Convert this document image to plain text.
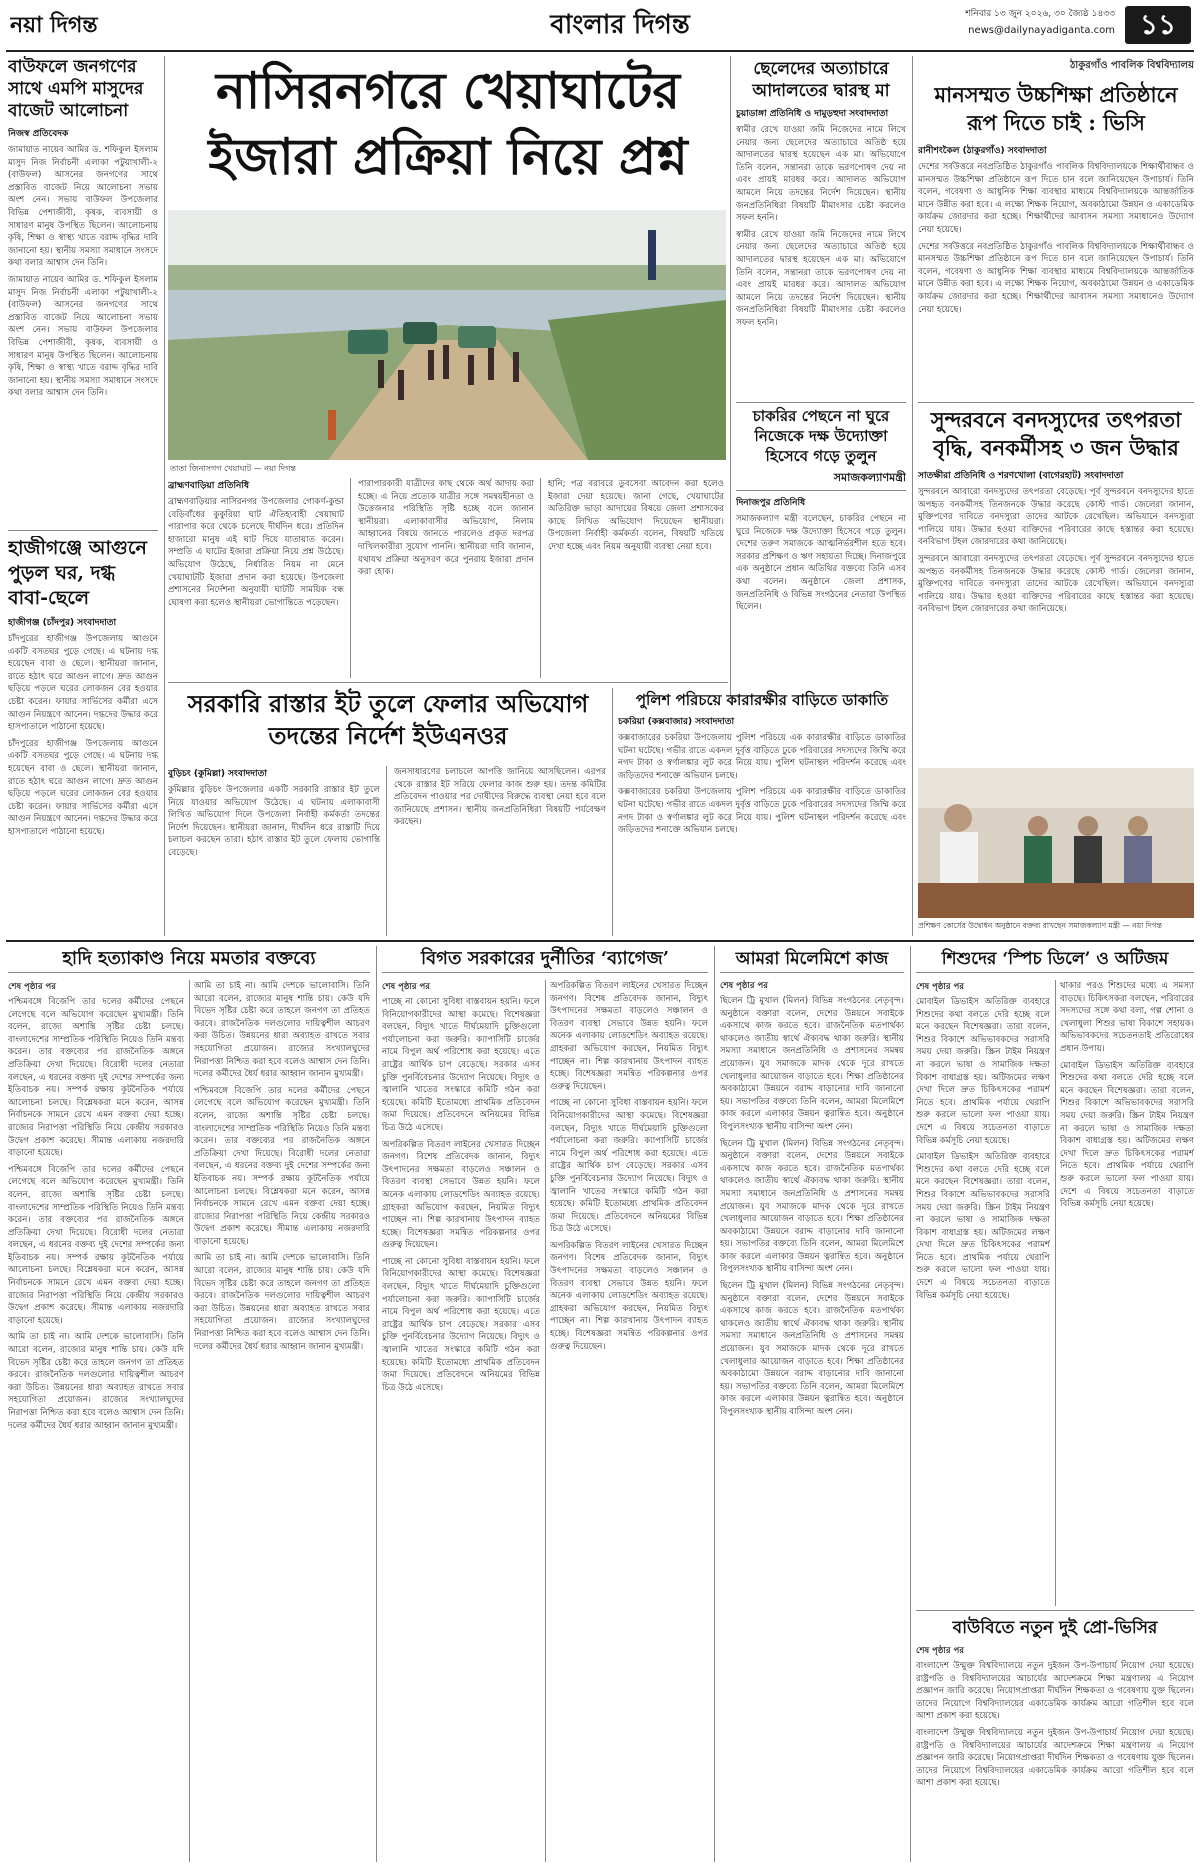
নয়া দিগন্ত	বাংলার দিগন্ত	শনিবার ১৩ জুন ২০২৬, ৩০ জ্যৈষ্ঠ ১৪৩৩
news@dailynayadiganta.com ১১
বাউফলে জনগণের সাথে এমপি মাসুদের বাজেট আলোচনা
নিজস্ব প্রতিবেদক
জামায়াত নায়েব আমির ড. শফিকুল ইসলাম মাসুদ নিজ নির্বাচনী এলাকা পটুয়াখালী-২ (বাউফল) আসনের জনগণের সাথে প্রস্তাবিত বাজেট নিয়ে আলোচনা সভায় অংশ নেন। সভায় বাউফল উপজেলার বিভিন্ন পেশাজীবী, কৃষক, ব্যবসায়ী ও সাধারণ মানুষ উপস্থিত ছিলেন। আলোচনায় কৃষি, শিক্ষা ও স্বাস্থ্য খাতে বরাদ্দ বৃদ্ধির দাবি জানানো হয়। স্থানীয় সমস্যা সমাধানে সংসদে কথা বলার আশ্বাস দেন তিনি।
জামায়াত নায়েব আমির ড. শফিকুল ইসলাম মাসুদ নিজ নির্বাচনী এলাকা পটুয়াখালী-২ (বাউফল) আসনের জনগণের সাথে প্রস্তাবিত বাজেট নিয়ে আলোচনা সভায় অংশ নেন। সভায় বাউফল উপজেলার বিভিন্ন পেশাজীবী, কৃষক, ব্যবসায়ী ও সাধারণ মানুষ উপস্থিত ছিলেন। আলোচনায় কৃষি, শিক্ষা ও স্বাস্থ্য খাতে বরাদ্দ বৃদ্ধির দাবি জানানো হয়। স্থানীয় সমস্যা সমাধানে সংসদে কথা বলার আশ্বাস দেন তিনি।
হাজীগঞ্জে আগুনে পুড়ল ঘর, দগ্ধ বাবা-ছেলে
হাজীগঞ্জ (চাঁদপুর) সংবাদদাতা
চাঁদপুরের হাজীগঞ্জ উপজেলায় আগুনে একটি বসতঘর পুড়ে গেছে। এ ঘটনায় দগ্ধ হয়েছেন বাবা ও ছেলে। স্থানীয়রা জানান, রাতে হঠাৎ ঘরে আগুন লাগে। দ্রুত আগুন ছড়িয়ে পড়লে ঘরের লোকজন বের হওয়ার চেষ্টা করেন। ফায়ার সার্ভিসের কর্মীরা এসে আগুন নিয়ন্ত্রণে আনেন। দগ্ধদের উদ্ধার করে হাসপাতালে পাঠানো হয়েছে।
চাঁদপুরের হাজীগঞ্জ উপজেলায় আগুনে একটি বসতঘর পুড়ে গেছে। এ ঘটনায় দগ্ধ হয়েছেন বাবা ও ছেলে। স্থানীয়রা জানান, রাতে হঠাৎ ঘরে আগুন লাগে। দ্রুত আগুন ছড়িয়ে পড়লে ঘরের লোকজন বের হওয়ার চেষ্টা করেন। ফায়ার সার্ভিসের কর্মীরা এসে আগুন নিয়ন্ত্রণে আনেন। দগ্ধদের উদ্ধার করে হাসপাতালে পাঠানো হয়েছে।
নাসিরনগরে খেয়াঘাটের
ইজারা প্রক্রিয়া নিয়ে প্রশ্ন
তাতা জিনাসগগ খেয়াঘাট — নয়া দিগন্ত
ব্রাহ্মণবাড়িয়া প্রতিনিধি
ব্রাহ্মণবাড়িয়ার নাসিরনগর উপজেলার গোকর্ণ-কুন্ডা বেড়িবাঁধের কুকুরিয়া ঘাট ঐতিহ্যবাহী খেয়াঘাট পারাপার করে থেকে চলেছে দীর্ঘদিন ধরে। প্রতিদিন হাজারো মানুষ এই ঘাট দিয়ে যাতায়াত করেন। সম্প্রতি এ ঘাটের ইজারা প্রক্রিয়া নিয়ে প্রশ্ন উঠেছে। অভিযোগ উঠেছে, নির্ধারিত নিয়ম না মেনে খেয়াঘাটটি ইজারা প্রদান করা হয়েছে। উপজেলা প্রশাসনের নির্দেশনা অনুযায়ী ঘাটটি সাময়িক বন্ধ ঘোষণা করা হলেও স্থানীয়রা ভোগান্তিতে পড়েছেন।
পারাপারকারী যাত্রীদের কাছ থেকে অর্থ আদায় করা হচ্ছে। এ নিয়ে প্রত্যেক যাত্রীর সঙ্গে সমন্বয়হীনতা ও উত্তেজনার পরিস্থিতি সৃষ্টি হচ্ছে বলে জানান স্থানীয়রা। এলাকাবাসীর অভিযোগ, নিলাম আহ্বানের বিষয়ে জানতে পারলেও প্রকৃত দরপত্র দাখিলকারীরা সুযোগ পাননি। স্থানীয়রা দাবি জানান, যথাযথ প্রক্রিয়া অনুসরণ করে পুনরায় ইজারা প্রদান করা হোক।
হানি; পত্র বরাবরে ডুবসেবা আবেদন করা হলেও ইজারা দেয়া হয়েছে। জানা গেছে, খেয়াঘাটের অতিরিক্ত ভাড়া আদায়ের বিষয়ে জেলা প্রশাসকের কাছে লিখিত অভিযোগ দিয়েছেন স্থানীয়রা। উপজেলা নির্বাহী কর্মকর্তা বলেন, বিষয়টি খতিয়ে দেখা হচ্ছে এবং নিয়ম অনুযায়ী ব্যবস্থা নেয়া হবে।
ছেলেদের অত্যাচারে আদালতের দ্বারস্থ মা
চুয়াডাঙ্গা প্রতিনিধি ও দামুড়হুদা সংবাদদাতা
স্বামীর রেখে যাওয়া জমি নিজেদের নামে লিখে নেয়ার জন্য ছেলেদের অত্যাচারে অতিষ্ঠ হয়ে আদালতের দ্বারস্থ হয়েছেন এক মা। অভিযোগে তিনি বলেন, সন্তানরা তাকে ভরণপোষণ দেয় না এবং প্রায়ই মারধর করে। আদালত অভিযোগ আমলে নিয়ে তদন্তের নির্দেশ দিয়েছেন। স্থানীয় জনপ্রতিনিধিরা বিষয়টি মীমাংসার চেষ্টা করলেও সফল হননি।
স্বামীর রেখে যাওয়া জমি নিজেদের নামে লিখে নেয়ার জন্য ছেলেদের অত্যাচারে অতিষ্ঠ হয়ে আদালতের দ্বারস্থ হয়েছেন এক মা। অভিযোগে তিনি বলেন, সন্তানরা তাকে ভরণপোষণ দেয় না এবং প্রায়ই মারধর করে। আদালত অভিযোগ আমলে নিয়ে তদন্তের নির্দেশ দিয়েছেন। স্থানীয় জনপ্রতিনিধিরা বিষয়টি মীমাংসার চেষ্টা করলেও সফল হননি।
চাকরির পেছনে না ঘুরে নিজেকে দক্ষ উদ্যোক্তা হিসেবে গড়ে তুলুন
সমাজকল্যাণমন্ত্রী
দিনাজপুর প্রতিনিধি
সমাজকল্যাণ মন্ত্রী বলেছেন, চাকরির পেছনে না ঘুরে নিজেকে দক্ষ উদ্যোক্তা হিসেবে গড়ে তুলুন। দেশের তরুণ সমাজকে আত্মনির্ভরশীল হতে হবে। সরকার প্রশিক্ষণ ও ঋণ সহায়তা দিচ্ছে। দিনাজপুরে এক অনুষ্ঠানে প্রধান অতিথির বক্তব্যে তিনি এসব কথা বলেন। অনুষ্ঠানে জেলা প্রশাসক, জনপ্রতিনিধি ও বিভিন্ন সংগঠনের নেতারা উপস্থিত ছিলেন।
ঠাকুরগাঁও পাবলিক বিশ্ববিদ্যালয়
মানসম্মত উচ্চশিক্ষা প্রতিষ্ঠানে রূপ দিতে চাই : ভিসি
রানীশংকৈল (ঠাকুরগাঁও) সংবাদদাতা
দেশের সর্বউত্তরে নবপ্রতিষ্ঠিত ঠাকুরগাঁও পাবলিক বিশ্ববিদ্যালয়কে শিক্ষার্থীবান্ধব ও মানসম্মত উচ্চশিক্ষা প্রতিষ্ঠানে রূপ দিতে চান বলে জানিয়েছেন উপাচার্য। তিনি বলেন, গবেষণা ও আধুনিক শিক্ষা ব্যবস্থার মাধ্যমে বিশ্ববিদ্যালয়কে আন্তর্জাতিক মানে উন্নীত করা হবে। এ লক্ষ্যে শিক্ষক নিয়োগ, অবকাঠামো উন্নয়ন ও একাডেমিক কার্যক্রম জোরদার করা হচ্ছে। শিক্ষার্থীদের আবাসন সমস্যা সমাধানেও উদ্যোগ নেয়া হয়েছে।
দেশের সর্বউত্তরে নবপ্রতিষ্ঠিত ঠাকুরগাঁও পাবলিক বিশ্ববিদ্যালয়কে শিক্ষার্থীবান্ধব ও মানসম্মত উচ্চশিক্ষা প্রতিষ্ঠানে রূপ দিতে চান বলে জানিয়েছেন উপাচার্য। তিনি বলেন, গবেষণা ও আধুনিক শিক্ষা ব্যবস্থার মাধ্যমে বিশ্ববিদ্যালয়কে আন্তর্জাতিক মানে উন্নীত করা হবে। এ লক্ষ্যে শিক্ষক নিয়োগ, অবকাঠামো উন্নয়ন ও একাডেমিক কার্যক্রম জোরদার করা হচ্ছে। শিক্ষার্থীদের আবাসন সমস্যা সমাধানেও উদ্যোগ নেয়া হয়েছে।
সুন্দরবনে বনদস্যুদের তৎপরতা বৃদ্ধি, বনকর্মীসহ ৩ জন উদ্ধার
সাতক্ষীরা প্রতিনিধি ও শরণখোলা (বাগেরহাট) সংবাদদাতা
সুন্দরবনে আবারো বনদস্যুদের তৎপরতা বেড়েছে। পূর্ব সুন্দরবনে বনদস্যুদের হাতে অপহৃত বনকর্মীসহ তিনজনকে উদ্ধার করেছে কোস্ট গার্ড। জেলেরা জানান, মুক্তিপণের দাবিতে বনদস্যুরা তাদের আটকে রেখেছিল। অভিযানে বনদস্যুরা পালিয়ে যায়। উদ্ধার হওয়া ব্যক্তিদের পরিবারের কাছে হস্তান্তর করা হয়েছে। বনবিভাগ টহল জোরদারের কথা জানিয়েছে।
সুন্দরবনে আবারো বনদস্যুদের তৎপরতা বেড়েছে। পূর্ব সুন্দরবনে বনদস্যুদের হাতে অপহৃত বনকর্মীসহ তিনজনকে উদ্ধার করেছে কোস্ট গার্ড। জেলেরা জানান, মুক্তিপণের দাবিতে বনদস্যুরা তাদের আটকে রেখেছিল। অভিযানে বনদস্যুরা পালিয়ে যায়। উদ্ধার হওয়া ব্যক্তিদের পরিবারের কাছে হস্তান্তর করা হয়েছে। বনবিভাগ টহল জোরদারের কথা জানিয়েছে।
প্রশিক্ষণ কোর্সের উদ্বোধন অনুষ্ঠানে বক্তব্য রাখছেন সমাজকল্যাণ মন্ত্রী — নয়া দিগন্ত
সরকারি রাস্তার ইট তুলে ফেলার অভিযোগ তদন্তের নির্দেশ ইউএনওর
বুড়িচং (কুমিল্লা) সংবাদদাতা
কুমিল্লার বুড়িচং উপজেলার একটি সরকারি রাস্তার ইট তুলে নিয়ে যাওয়ার অভিযোগ উঠেছে। এ ঘটনায় এলাকাবাসী লিখিত অভিযোগ দিলে উপজেলা নির্বাহী কর্মকর্তা তদন্তের নির্দেশ দিয়েছেন। স্থানীয়রা জানান, দীর্ঘদিন ধরে রাস্তাটি দিয়ে চলাচল করছেন তারা। হঠাৎ রাস্তার ইট তুলে ফেলায় ভোগান্তি বেড়েছে।
জনসাধারণের চলাচলে আপত্তি জানিয়ে আসছিলেন। এরপর থেকে রাস্তার ইট সরিয়ে ফেলার কাজ শুরু হয়। তদন্ত কমিটির প্রতিবেদন পাওয়ার পর দোষীদের বিরুদ্ধে ব্যবস্থা নেয়া হবে বলে জানিয়েছে প্রশাসন। স্থানীয় জনপ্রতিনিধিরা বিষয়টি পর্যবেক্ষণ করছেন।
পুলিশ পরিচয়ে কারারক্ষীর বাড়িতে ডাকাতি
চকরিয়া (কক্সবাজার) সংবাদদাতা
কক্সবাজারের চকরিয়া উপজেলায় পুলিশ পরিচয়ে এক কারারক্ষীর বাড়িতে ডাকাতির ঘটনা ঘটেছে। গভীর রাতে একদল দুর্বৃত্ত বাড়িতে ঢুকে পরিবারের সদস্যদের জিম্মি করে নগদ টাকা ও স্বর্ণালঙ্কার লুট করে নিয়ে যায়। পুলিশ ঘটনাস্থল পরিদর্শন করেছে এবং জড়িতদের শনাক্তে অভিযান চলছে।
কক্সবাজারের চকরিয়া উপজেলায় পুলিশ পরিচয়ে এক কারারক্ষীর বাড়িতে ডাকাতির ঘটনা ঘটেছে। গভীর রাতে একদল দুর্বৃত্ত বাড়িতে ঢুকে পরিবারের সদস্যদের জিম্মি করে নগদ টাকা ও স্বর্ণালঙ্কার লুট করে নিয়ে যায়। পুলিশ ঘটনাস্থল পরিদর্শন করেছে এবং জড়িতদের শনাক্তে অভিযান চলছে।
হাদি হত্যাকাণ্ড নিয়ে মমতার বক্তব্যে
শেষ পৃষ্ঠার পর
পশ্চিমবঙ্গে বিজেপি তার দলের কর্মীদের পেছনে লেগেছে বলে অভিযোগ করেছেন মুখ্যমন্ত্রী। তিনি বলেন, রাজ্যে অশান্তি সৃষ্টির চেষ্টা চলছে। বাংলাদেশের সাম্প্রতিক পরিস্থিতি নিয়েও তিনি মন্তব্য করেন। তার বক্তব্যের পর রাজনৈতিক অঙ্গনে প্রতিক্রিয়া দেখা দিয়েছে। বিরোধী দলের নেতারা বলছেন, এ ধরনের বক্তব্য দুই দেশের সম্পর্কের জন্য ইতিবাচক নয়। সম্পর্ক রক্ষায় কূটনৈতিক পর্যায়ে আলোচনা চলছে। বিশ্লেষকরা মনে করেন, আসন্ন নির্বাচনকে সামনে রেখে এমন বক্তব্য দেয়া হচ্ছে। রাজ্যের নিরাপত্তা পরিস্থিতি নিয়ে কেন্দ্রীয় সরকারও উদ্বেগ প্রকাশ করেছে। সীমান্ত এলাকায় নজরদারি বাড়ানো হয়েছে।
পশ্চিমবঙ্গে বিজেপি তার দলের কর্মীদের পেছনে লেগেছে বলে অভিযোগ করেছেন মুখ্যমন্ত্রী। তিনি বলেন, রাজ্যে অশান্তি সৃষ্টির চেষ্টা চলছে। বাংলাদেশের সাম্প্রতিক পরিস্থিতি নিয়েও তিনি মন্তব্য করেন। তার বক্তব্যের পর রাজনৈতিক অঙ্গনে প্রতিক্রিয়া দেখা দিয়েছে। বিরোধী দলের নেতারা বলছেন, এ ধরনের বক্তব্য দুই দেশের সম্পর্কের জন্য ইতিবাচক নয়। সম্পর্ক রক্ষায় কূটনৈতিক পর্যায়ে আলোচনা চলছে। বিশ্লেষকরা মনে করেন, আসন্ন নির্বাচনকে সামনে রেখে এমন বক্তব্য দেয়া হচ্ছে। রাজ্যের নিরাপত্তা পরিস্থিতি নিয়ে কেন্দ্রীয় সরকারও উদ্বেগ প্রকাশ করেছে। সীমান্ত এলাকায় নজরদারি বাড়ানো হয়েছে।
আমি তা চাই না। আমি দেশকে ভালোবাসি। তিনি আরো বলেন, রাজ্যের মানুষ শান্তি চায়। কেউ যদি বিভেদ সৃষ্টির চেষ্টা করে তাহলে জনগণ তা প্রতিহত করবে। রাজনৈতিক দলগুলোর দায়িত্বশীল আচরণ করা উচিত। উন্নয়নের ধারা অব্যাহত রাখতে সবার সহযোগিতা প্রয়োজন। রাজ্যের সংখ্যালঘুদের নিরাপত্তা নিশ্চিত করা হবে বলেও আশ্বাস দেন তিনি। দলের কর্মীদের ধৈর্য ধরার আহ্বান জানান মুখ্যমন্ত্রী।
আমি তা চাই না। আমি দেশকে ভালোবাসি। তিনি আরো বলেন, রাজ্যের মানুষ শান্তি চায়। কেউ যদি বিভেদ সৃষ্টির চেষ্টা করে তাহলে জনগণ তা প্রতিহত করবে। রাজনৈতিক দলগুলোর দায়িত্বশীল আচরণ করা উচিত। উন্নয়নের ধারা অব্যাহত রাখতে সবার সহযোগিতা প্রয়োজন। রাজ্যের সংখ্যালঘুদের নিরাপত্তা নিশ্চিত করা হবে বলেও আশ্বাস দেন তিনি। দলের কর্মীদের ধৈর্য ধরার আহ্বান জানান মুখ্যমন্ত্রী।
পশ্চিমবঙ্গে বিজেপি তার দলের কর্মীদের পেছনে লেগেছে বলে অভিযোগ করেছেন মুখ্যমন্ত্রী। তিনি বলেন, রাজ্যে অশান্তি সৃষ্টির চেষ্টা চলছে। বাংলাদেশের সাম্প্রতিক পরিস্থিতি নিয়েও তিনি মন্তব্য করেন। তার বক্তব্যের পর রাজনৈতিক অঙ্গনে প্রতিক্রিয়া দেখা দিয়েছে। বিরোধী দলের নেতারা বলছেন, এ ধরনের বক্তব্য দুই দেশের সম্পর্কের জন্য ইতিবাচক নয়। সম্পর্ক রক্ষায় কূটনৈতিক পর্যায়ে আলোচনা চলছে। বিশ্লেষকরা মনে করেন, আসন্ন নির্বাচনকে সামনে রেখে এমন বক্তব্য দেয়া হচ্ছে। রাজ্যের নিরাপত্তা পরিস্থিতি নিয়ে কেন্দ্রীয় সরকারও উদ্বেগ প্রকাশ করেছে। সীমান্ত এলাকায় নজরদারি বাড়ানো হয়েছে।
আমি তা চাই না। আমি দেশকে ভালোবাসি। তিনি আরো বলেন, রাজ্যের মানুষ শান্তি চায়। কেউ যদি বিভেদ সৃষ্টির চেষ্টা করে তাহলে জনগণ তা প্রতিহত করবে। রাজনৈতিক দলগুলোর দায়িত্বশীল আচরণ করা উচিত। উন্নয়নের ধারা অব্যাহত রাখতে সবার সহযোগিতা প্রয়োজন। রাজ্যের সংখ্যালঘুদের নিরাপত্তা নিশ্চিত করা হবে বলেও আশ্বাস দেন তিনি। দলের কর্মীদের ধৈর্য ধরার আহ্বান জানান মুখ্যমন্ত্রী।
বিগত সরকারের দুর্নীতির ‘ব্যাগেজ’
শেষ পৃষ্ঠার পর
পাচ্ছে না কোনো সুবিধা বাস্তবায়ন হয়নি। ফলে বিনিয়োগকারীদের আস্থা কমেছে। বিশেষজ্ঞরা বলছেন, বিদ্যুৎ খাতে দীর্ঘমেয়াদি চুক্তিগুলো পর্যালোচনা করা জরুরি। ক্যাপাসিটি চার্জের নামে বিপুল অর্থ পরিশোধ করা হয়েছে। এতে রাষ্ট্রের আর্থিক চাপ বেড়েছে। সরকার এসব চুক্তি পুনর্বিবেচনার উদ্যোগ নিয়েছে। বিদ্যুৎ ও জ্বালানি খাতের সংস্কারে কমিটি গঠন করা হয়েছে। কমিটি ইতোমধ্যে প্রাথমিক প্রতিবেদন জমা দিয়েছে। প্রতিবেদনে অনিয়মের বিভিন্ন চিত্র উঠে এসেছে।
অপরিকল্পিত বিতরণ লাইনের খেসারত দিচ্ছেন জনগণ। বিশেষ প্রতিবেদক জানান, বিদ্যুৎ উৎপাদনের সক্ষমতা বাড়লেও সঞ্চালন ও বিতরণ ব্যবস্থা সেভাবে উন্নত হয়নি। ফলে অনেক এলাকায় লোডশেডিং অব্যাহত রয়েছে। গ্রাহকরা অভিযোগ করছেন, নিয়মিত বিদ্যুৎ পাচ্ছেন না। শিল্প কারখানায় উৎপাদন ব্যাহত হচ্ছে। বিশেষজ্ঞরা সমন্বিত পরিকল্পনার ওপর গুরুত্ব দিয়েছেন।
পাচ্ছে না কোনো সুবিধা বাস্তবায়ন হয়নি। ফলে বিনিয়োগকারীদের আস্থা কমেছে। বিশেষজ্ঞরা বলছেন, বিদ্যুৎ খাতে দীর্ঘমেয়াদি চুক্তিগুলো পর্যালোচনা করা জরুরি। ক্যাপাসিটি চার্জের নামে বিপুল অর্থ পরিশোধ করা হয়েছে। এতে রাষ্ট্রের আর্থিক চাপ বেড়েছে। সরকার এসব চুক্তি পুনর্বিবেচনার উদ্যোগ নিয়েছে। বিদ্যুৎ ও জ্বালানি খাতের সংস্কারে কমিটি গঠন করা হয়েছে। কমিটি ইতোমধ্যে প্রাথমিক প্রতিবেদন জমা দিয়েছে। প্রতিবেদনে অনিয়মের বিভিন্ন চিত্র উঠে এসেছে।
অপরিকল্পিত বিতরণ লাইনের খেসারত দিচ্ছেন জনগণ। বিশেষ প্রতিবেদক জানান, বিদ্যুৎ উৎপাদনের সক্ষমতা বাড়লেও সঞ্চালন ও বিতরণ ব্যবস্থা সেভাবে উন্নত হয়নি। ফলে অনেক এলাকায় লোডশেডিং অব্যাহত রয়েছে। গ্রাহকরা অভিযোগ করছেন, নিয়মিত বিদ্যুৎ পাচ্ছেন না। শিল্প কারখানায় উৎপাদন ব্যাহত হচ্ছে। বিশেষজ্ঞরা সমন্বিত পরিকল্পনার ওপর গুরুত্ব দিয়েছেন।
পাচ্ছে না কোনো সুবিধা বাস্তবায়ন হয়নি। ফলে বিনিয়োগকারীদের আস্থা কমেছে। বিশেষজ্ঞরা বলছেন, বিদ্যুৎ খাতে দীর্ঘমেয়াদি চুক্তিগুলো পর্যালোচনা করা জরুরি। ক্যাপাসিটি চার্জের নামে বিপুল অর্থ পরিশোধ করা হয়েছে। এতে রাষ্ট্রের আর্থিক চাপ বেড়েছে। সরকার এসব চুক্তি পুনর্বিবেচনার উদ্যোগ নিয়েছে। বিদ্যুৎ ও জ্বালানি খাতের সংস্কারে কমিটি গঠন করা হয়েছে। কমিটি ইতোমধ্যে প্রাথমিক প্রতিবেদন জমা দিয়েছে। প্রতিবেদনে অনিয়মের বিভিন্ন চিত্র উঠে এসেছে।
অপরিকল্পিত বিতরণ লাইনের খেসারত দিচ্ছেন জনগণ। বিশেষ প্রতিবেদক জানান, বিদ্যুৎ উৎপাদনের সক্ষমতা বাড়লেও সঞ্চালন ও বিতরণ ব্যবস্থা সেভাবে উন্নত হয়নি। ফলে অনেক এলাকায় লোডশেডিং অব্যাহত রয়েছে। গ্রাহকরা অভিযোগ করছেন, নিয়মিত বিদ্যুৎ পাচ্ছেন না। শিল্প কারখানায় উৎপাদন ব্যাহত হচ্ছে। বিশেষজ্ঞরা সমন্বিত পরিকল্পনার ওপর গুরুত্ব দিয়েছেন।
আমরা মিলেমিশে কাজ
শেষ পৃষ্ঠার পর
ছিলেন ট্রি মুখাল (মিলন) বিভিন্ন সংগঠনের নেতৃবৃন্দ। অনুষ্ঠানে বক্তারা বলেন, দেশের উন্নয়নে সবাইকে একসাথে কাজ করতে হবে। রাজনৈতিক মতপার্থক্য থাকলেও জাতীয় স্বার্থে ঐক্যবদ্ধ থাকা জরুরি। স্থানীয় সমস্যা সমাধানে জনপ্রতিনিধি ও প্রশাসনের সমন্বয় প্রয়োজন। যুব সমাজকে মাদক থেকে দূরে রাখতে খেলাধুলার আয়োজন বাড়াতে হবে। শিক্ষা প্রতিষ্ঠানের অবকাঠামো উন্নয়নে বরাদ্দ বাড়ানোর দাবি জানানো হয়। সভাপতির বক্তব্যে তিনি বলেন, আমরা মিলেমিশে কাজ করলে এলাকার উন্নয়ন ত্বরান্বিত হবে। অনুষ্ঠানে বিপুলসংখ্যক স্থানীয় বাসিন্দা অংশ নেন।
ছিলেন ট্রি মুখাল (মিলন) বিভিন্ন সংগঠনের নেতৃবৃন্দ। অনুষ্ঠানে বক্তারা বলেন, দেশের উন্নয়নে সবাইকে একসাথে কাজ করতে হবে। রাজনৈতিক মতপার্থক্য থাকলেও জাতীয় স্বার্থে ঐক্যবদ্ধ থাকা জরুরি। স্থানীয় সমস্যা সমাধানে জনপ্রতিনিধি ও প্রশাসনের সমন্বয় প্রয়োজন। যুব সমাজকে মাদক থেকে দূরে রাখতে খেলাধুলার আয়োজন বাড়াতে হবে। শিক্ষা প্রতিষ্ঠানের অবকাঠামো উন্নয়নে বরাদ্দ বাড়ানোর দাবি জানানো হয়। সভাপতির বক্তব্যে তিনি বলেন, আমরা মিলেমিশে কাজ করলে এলাকার উন্নয়ন ত্বরান্বিত হবে। অনুষ্ঠানে বিপুলসংখ্যক স্থানীয় বাসিন্দা অংশ নেন।
ছিলেন ট্রি মুখাল (মিলন) বিভিন্ন সংগঠনের নেতৃবৃন্দ। অনুষ্ঠানে বক্তারা বলেন, দেশের উন্নয়নে সবাইকে একসাথে কাজ করতে হবে। রাজনৈতিক মতপার্থক্য থাকলেও জাতীয় স্বার্থে ঐক্যবদ্ধ থাকা জরুরি। স্থানীয় সমস্যা সমাধানে জনপ্রতিনিধি ও প্রশাসনের সমন্বয় প্রয়োজন। যুব সমাজকে মাদক থেকে দূরে রাখতে খেলাধুলার আয়োজন বাড়াতে হবে। শিক্ষা প্রতিষ্ঠানের অবকাঠামো উন্নয়নে বরাদ্দ বাড়ানোর দাবি জানানো হয়। সভাপতির বক্তব্যে তিনি বলেন, আমরা মিলেমিশে কাজ করলে এলাকার উন্নয়ন ত্বরান্বিত হবে। অনুষ্ঠানে বিপুলসংখ্যক স্থানীয় বাসিন্দা অংশ নেন।
শিশুদের ‘স্পিচ ডিলে’ ও অটিজম
শেষ পৃষ্ঠার পর
মোবাইল ডিভাইস অতিরিক্ত ব্যবহারে শিশুদের কথা বলতে দেরি হচ্ছে বলে মনে করছেন বিশেষজ্ঞরা। তারা বলেন, শিশুর বিকাশে অভিভাবকদের সরাসরি সময় দেয়া জরুরি। স্ক্রিন টাইম নিয়ন্ত্রণ না করলে ভাষা ও সামাজিক দক্ষতা বিকাশ বাধাগ্রস্ত হয়। অটিজমের লক্ষণ দেখা দিলে দ্রুত চিকিৎসকের পরামর্শ নিতে হবে। প্রাথমিক পর্যায়ে থেরাপি শুরু করলে ভালো ফল পাওয়া যায়। দেশে এ বিষয়ে সচেতনতা বাড়াতে বিভিন্ন কর্মসূচি নেয়া হয়েছে।
মোবাইল ডিভাইস অতিরিক্ত ব্যবহারে শিশুদের কথা বলতে দেরি হচ্ছে বলে মনে করছেন বিশেষজ্ঞরা। তারা বলেন, শিশুর বিকাশে অভিভাবকদের সরাসরি সময় দেয়া জরুরি। স্ক্রিন টাইম নিয়ন্ত্রণ না করলে ভাষা ও সামাজিক দক্ষতা বিকাশ বাধাগ্রস্ত হয়। অটিজমের লক্ষণ দেখা দিলে দ্রুত চিকিৎসকের পরামর্শ নিতে হবে। প্রাথমিক পর্যায়ে থেরাপি শুরু করলে ভালো ফল পাওয়া যায়। দেশে এ বিষয়ে সচেতনতা বাড়াতে বিভিন্ন কর্মসূচি নেয়া হয়েছে।
থাকার পরও শিশুদের মধ্যে এ সমস্যা বাড়ছে। চিকিৎসকরা বলছেন, পরিবারের সদস্যদের সঙ্গে কথা বলা, গল্প শোনা ও খেলাধুলা শিশুর ভাষা বিকাশে সহায়ক। অভিভাবকদের সচেতনতাই প্রতিরোধের প্রধান উপায়।
মোবাইল ডিভাইস অতিরিক্ত ব্যবহারে শিশুদের কথা বলতে দেরি হচ্ছে বলে মনে করছেন বিশেষজ্ঞরা। তারা বলেন, শিশুর বিকাশে অভিভাবকদের সরাসরি সময় দেয়া জরুরি। স্ক্রিন টাইম নিয়ন্ত্রণ না করলে ভাষা ও সামাজিক দক্ষতা বিকাশ বাধাগ্রস্ত হয়। অটিজমের লক্ষণ দেখা দিলে দ্রুত চিকিৎসকের পরামর্শ নিতে হবে। প্রাথমিক পর্যায়ে থেরাপি শুরু করলে ভালো ফল পাওয়া যায়। দেশে এ বিষয়ে সচেতনতা বাড়াতে বিভিন্ন কর্মসূচি নেয়া হয়েছে।
বাউবিতে নতুন দুই প্রো-ভিসির
শেষ পৃষ্ঠার পর
বাংলাদেশ উন্মুক্ত বিশ্ববিদ্যালয়ে নতুন দুইজন উপ-উপাচার্য নিয়োগ দেয়া হয়েছে। রাষ্ট্রপতি ও বিশ্ববিদ্যালয়ের আচার্যের আদেশক্রমে শিক্ষা মন্ত্রণালয় এ নিয়োগ প্রজ্ঞাপন জারি করেছে। নিয়োগপ্রাপ্তরা দীর্ঘদিন শিক্ষকতা ও গবেষণায় যুক্ত ছিলেন। তাদের নিয়োগে বিশ্ববিদ্যালয়ের একাডেমিক কার্যক্রম আরো গতিশীল হবে বলে আশা প্রকাশ করা হয়েছে।
বাংলাদেশ উন্মুক্ত বিশ্ববিদ্যালয়ে নতুন দুইজন উপ-উপাচার্য নিয়োগ দেয়া হয়েছে। রাষ্ট্রপতি ও বিশ্ববিদ্যালয়ের আচার্যের আদেশক্রমে শিক্ষা মন্ত্রণালয় এ নিয়োগ প্রজ্ঞাপন জারি করেছে। নিয়োগপ্রাপ্তরা দীর্ঘদিন শিক্ষকতা ও গবেষণায় যুক্ত ছিলেন। তাদের নিয়োগে বিশ্ববিদ্যালয়ের একাডেমিক কার্যক্রম আরো গতিশীল হবে বলে আশা প্রকাশ করা হয়েছে।
